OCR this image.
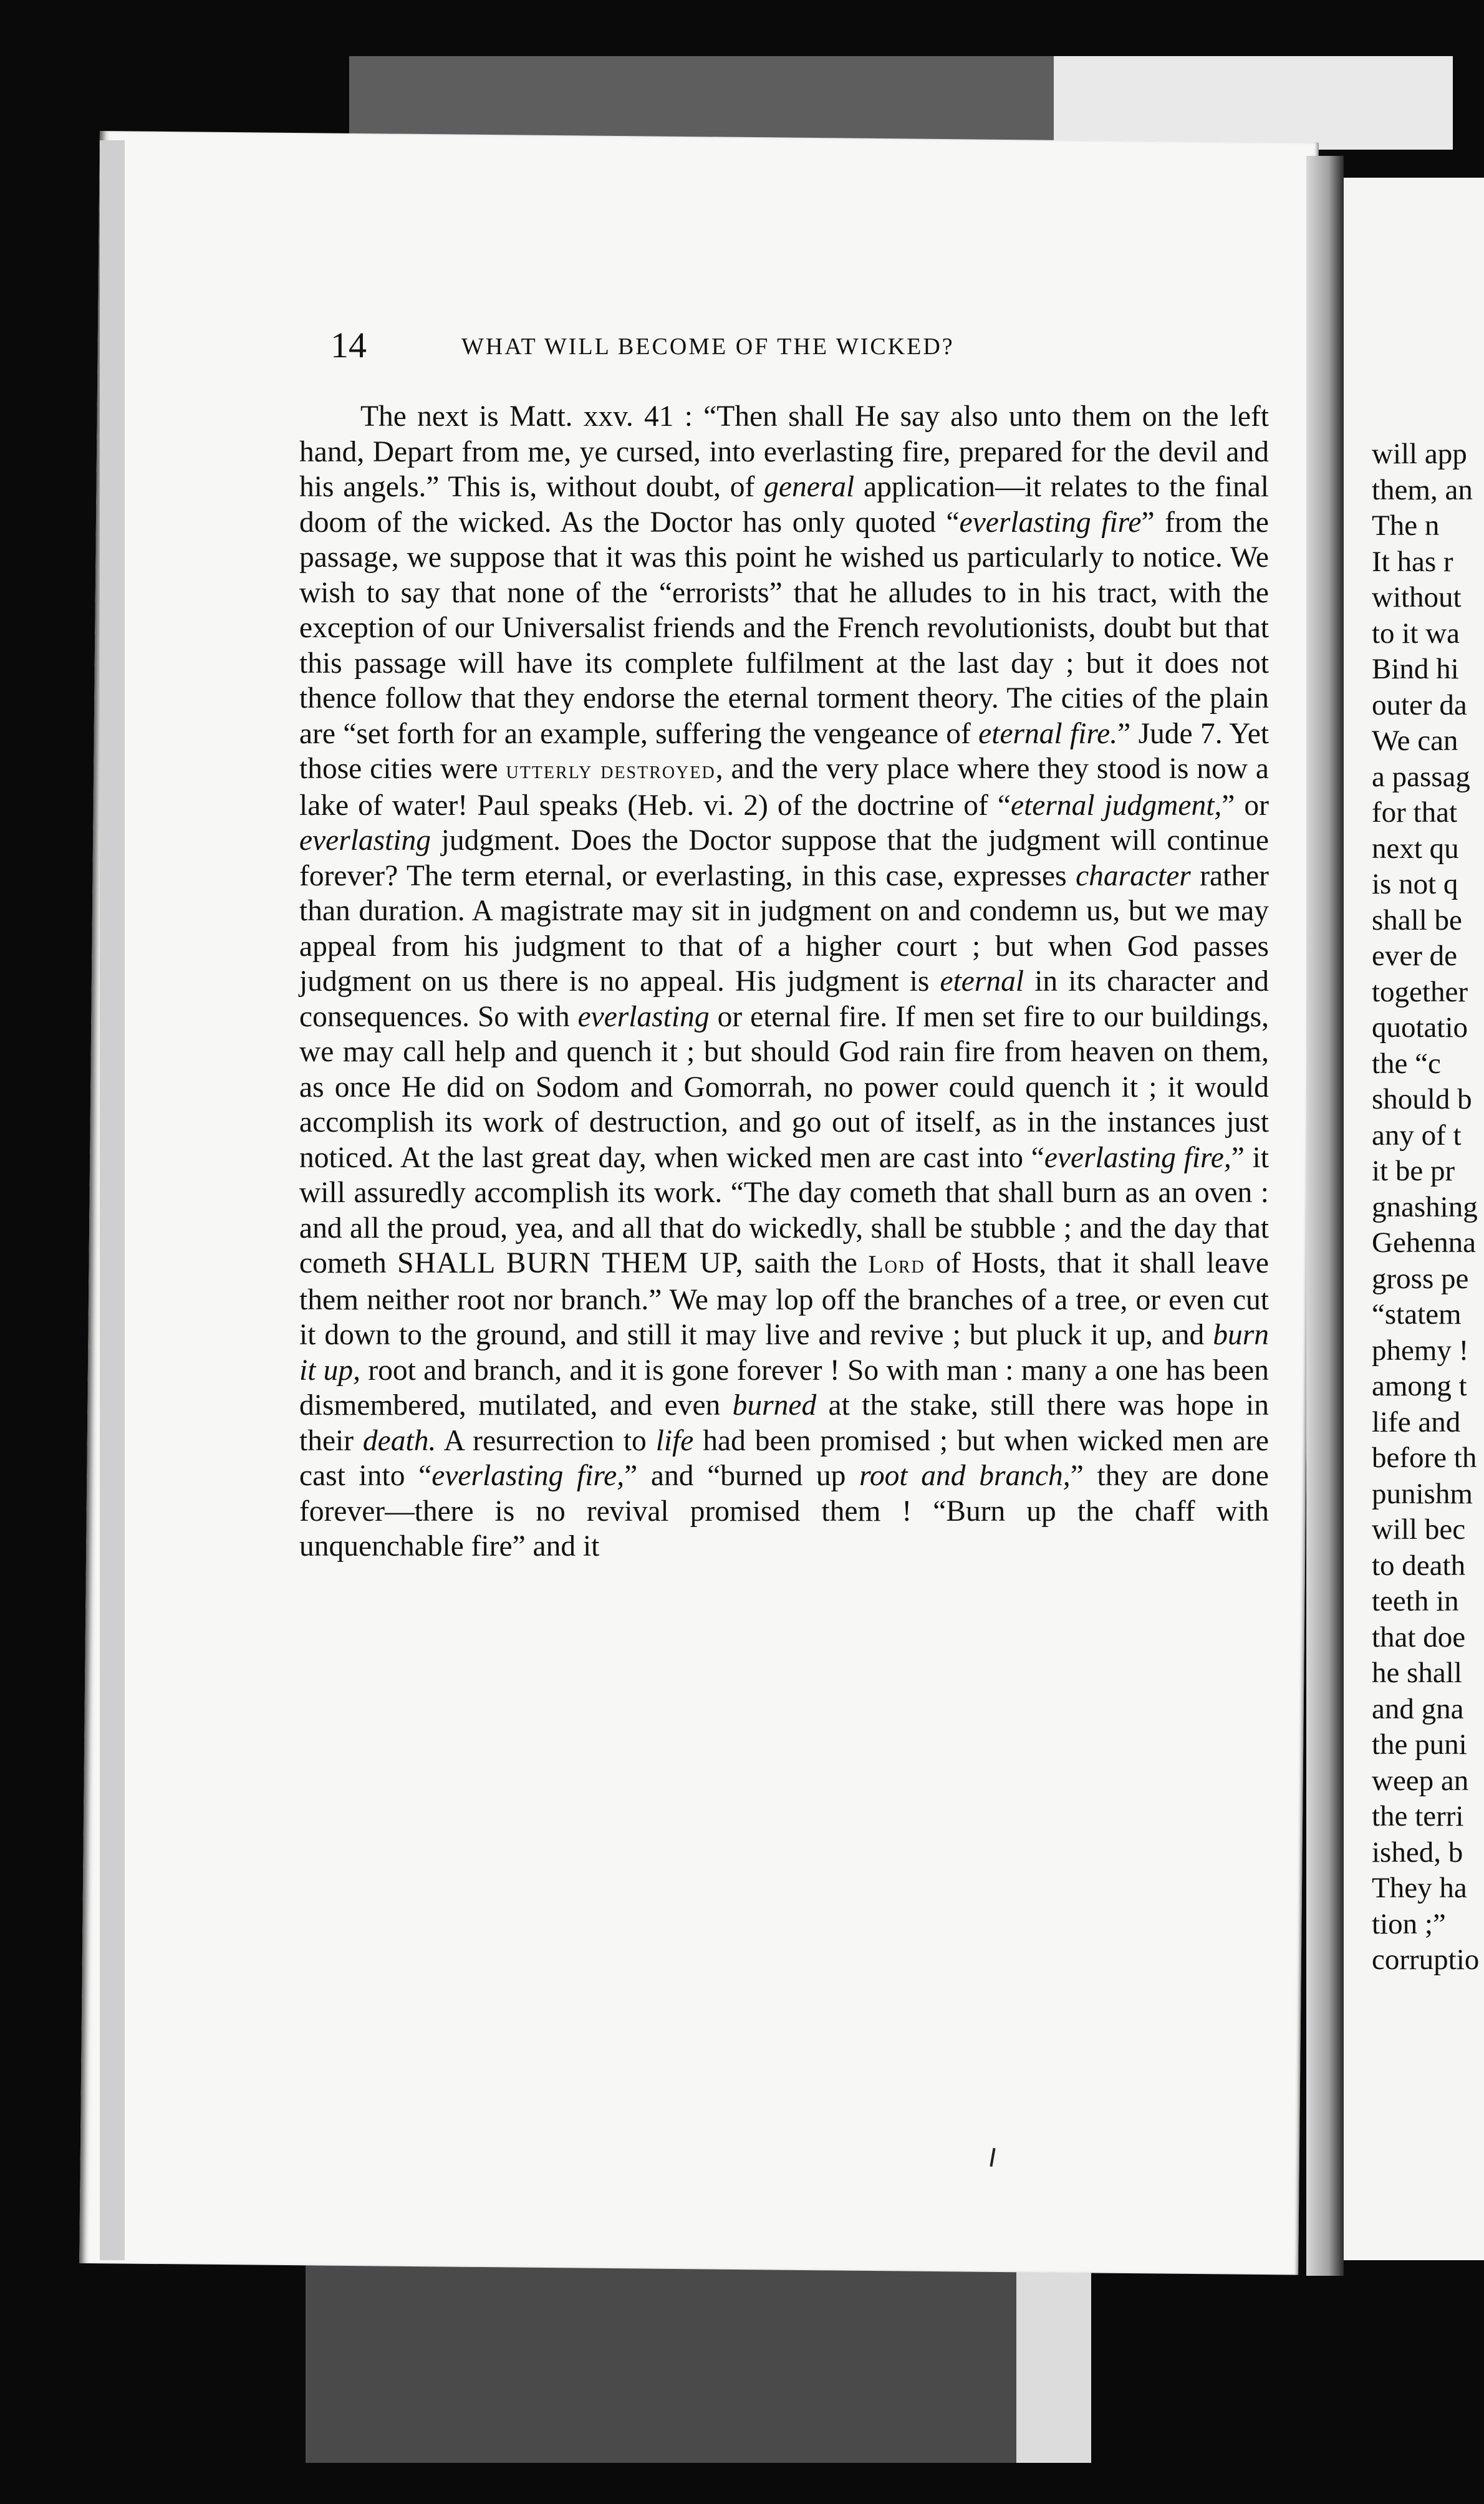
will app
them, an
The n
It has r
without
to it wa
Bind hi
outer da
We can
a passag
for that
next qu
is not q
shall be
ever de
together
quotatio
the “c
should b
any of t
it be pr
gnashing
Gehenna
gross pe
“statem
phemy !
among t
life and
before th
punishm
will bec
to death
teeth in
that doe
he shall
and gna
the puni
weep an
the terri
ished, b
They ha
tion ;”
corruptio
14	WHAT WILL BECOME OF THE WICKED?

The next is Matt. xxv. 41 : “Then shall He say also unto them on the left hand, Depart from me, ye cursed, into everlasting fire, prepared for the devil and his angels.” This is, without doubt, of general application—it relates to the final doom of the wicked. As the Doctor has only quoted “everlasting fire” from the passage, we suppose that it was this point he wished us particularly to notice. We wish to say that none of the “errorists” that he alludes to in his tract, with the exception of our Universalist friends and the French revolutionists, doubt but that this passage will have its complete fulfilment at the last day ; but it does not thence follow that they endorse the eternal torment theory. The cities of the plain are “set forth for an example, suffering the vengeance of eternal fire.” Jude 7. Yet those cities were utterly destroyed, and the very place where they stood is now a lake of water! Paul speaks (Heb. vi. 2) of the doctrine of “eternal judgment,” or everlasting judgment. Does the Doctor suppose that the judgment will continue forever? The term eternal, or everlasting, in this case, expresses character rather than duration. A magistrate may sit in judgment on and condemn us, but we may appeal from his judgment to that of a higher court ; but when God passes judgment on us there is no appeal. His judgment is eternal in its character and consequences. So with everlasting or eternal fire. If men set fire to our buildings, we may call help and quench it ; but should God rain fire from heaven on them, as once He did on Sodom and Gomorrah, no power could quench it ; it would accomplish its work of destruction, and go out of itself, as in the instances just noticed. At the last great day, when wicked men are cast into “everlasting fire,” it will assuredly accomplish its work. “The day cometh that shall burn as an oven : and all the proud, yea, and all that do wickedly, shall be stubble ; and the day that cometh SHALL BURN THEM UP, saith the Lord of Hosts, that it shall leave them neither root nor branch.” We may lop off the branches of a tree, or even cut it down to the ground, and still it may live and revive ; but pluck it up, and burn it up, root and branch, and it is gone forever ! So with man : many a one has been dismembered, mutilated, and even burned at the stake, still there was hope in their death. A resurrection to life had been promised ; but when wicked men are cast into “everlasting fire,” and “burned up root and branch,” they are done forever—there is no revival promised them ! “Burn up the chaff with unquenchable fire” and it
